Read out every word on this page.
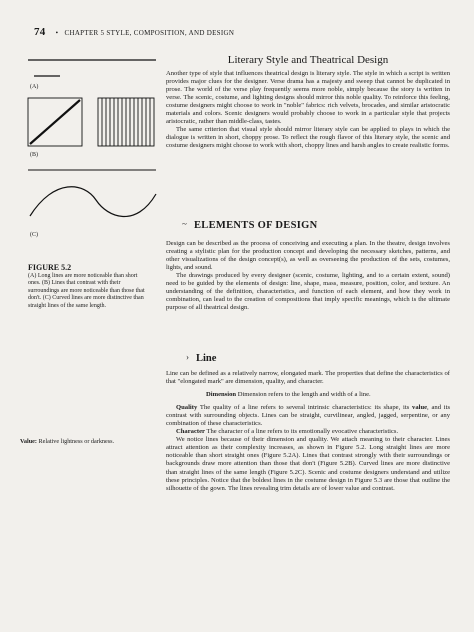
74 • CHAPTER 5 STYLE, COMPOSITION, AND DESIGN
(A)
(B)
(C)
FIGURE 5.2
(A) Long lines are more noticeable than short ones. (B) Lines that contrast with their surroundings are more noticeable than those that don't. (C) Curved lines are more distinctive than straight lines of the same length.
Literary Style and Theatrical Design

Another type of style that influences theatrical design is literary style. The style in which a script is written provides major clues for the designer. Verse drama has a majesty and sweep that cannot be duplicated in prose. The world of the verse play frequently seems more noble, simply because the story is written in verse. The scenic, costume, and lighting designs should mirror this noble quality. To reinforce this feeling, costume designers might choose to work in "noble" fabrics: rich velvets, brocades, and similar aristocratic materials and colors. Scenic designers would probably choose to work in a particular style that projects aristocratic, rather than middle-class, tastes.

The same criterion that visual style should mirror literary style can be applied to plays in which the dialogue is written in short, choppy prose. To reflect the rough flavor of this literary style, the scenic and costume designers might choose to work with short, choppy lines and harsh angles to create realistic forms.

~ ELEMENTS OF DESIGN

Design can be described as the process of conceiving and executing a plan. In the theatre, design involves creating a stylistic plan for the production concept and developing the necessary sketches, patterns, and other visualizations of the design concept(s), as well as overseeing the production of the sets, costumes, lights, and sound.

The drawings produced by every designer (scenic, costume, lighting, and to a certain extent, sound) need to be guided by the elements of design: line, shape, mass, measure, position, color, and texture. An understanding of the definition, characteristics, and function of each element, and how they work in combination, can lead to the creation of compositions that imply specific meanings, which is the ultimate purpose of all theatrical design.

› Line

Line can be defined as a relatively narrow, elongated mark. The properties that define the characteristics of that "elongated mark" are dimension, quality, and character.

Dimension Dimension refers to the length and width of a line.

Quality The quality of a line refers to several intrinsic characteristics: its shape, its value, and its contrast with surrounding objects. Lines can be straight, curvilinear, angled, jagged, serpentine, or any combination of these characteristics.

Character The character of a line refers to its emotionally evocative characteristics.

We notice lines because of their dimension and quality. We attach meaning to their character. Lines attract attention as their complexity increases, as shown in Figure 5.2. Long straight lines are more noticeable than short straight ones (Figure 5.2A). Lines that contrast strongly with their surroundings or backgrounds draw more attention than those that don't (Figure 5.2B). Curved lines are more distinctive than straight lines of the same length (Figure 5.2C). Scenic and costume designers understand and utilize these principles. Notice that the boldest lines in the costume design in Figure 5.3 are those that outline the silhouette of the gown. The lines revealing trim details are of lower value and contrast.

Value: Relative lightness or darkness.
